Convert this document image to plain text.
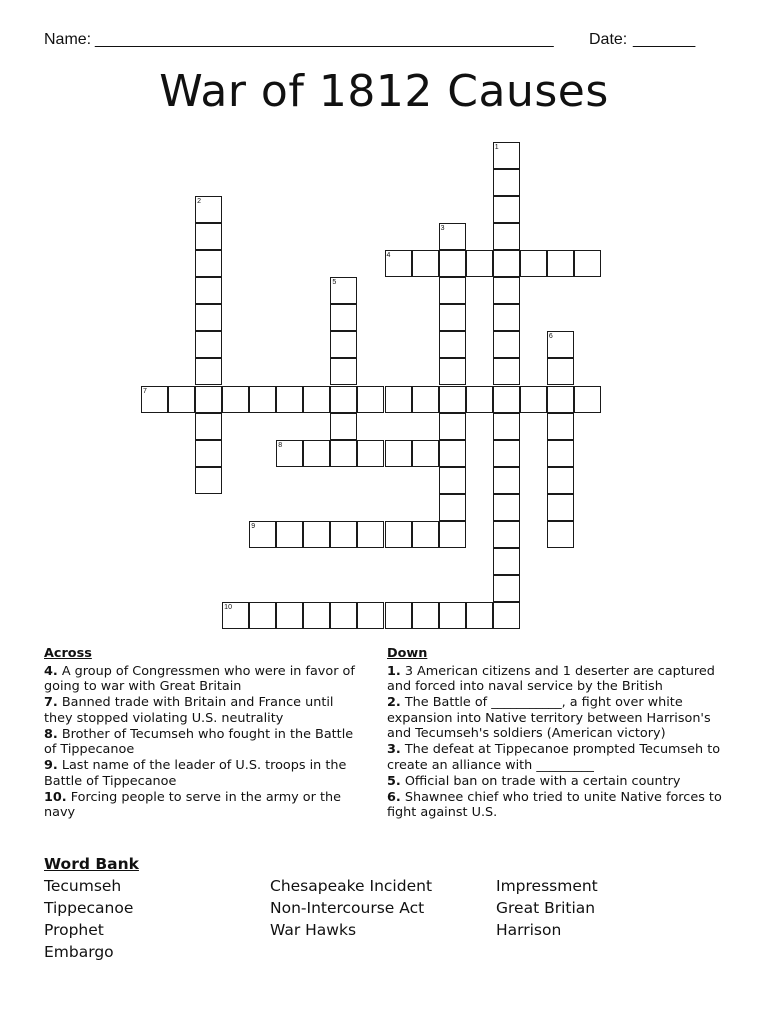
Name: _____________________________________________________ Date: _______
War of 1812 Causes
1
2
3
4
5
6
7
8
9
10
Across
4. A group of Congressmen who were in favor of going to war with Great Britain
7. Banned trade with Britain and France until they stopped violating U.S. neutrality
8. Brother of Tecumseh who fought in the Battle of Tippecanoe
9. Last name of the leader of U.S. troops in the Battle of Tippecanoe
10. Forcing people to serve in the army or the navy
Down
1. 3 American citizens and 1 deserter are captured and forced into naval service by the British
2. The Battle of ___________, a fight over white expansion into Native territory between Harrison's and Tecumseh's soldiers (American victory)
3. The defeat at Tippecanoe prompted Tecumseh to create an alliance with _________
5. Official ban on trade with a certain country
6. Shawnee chief who tried to unite Native forces to fight against U.S.
Word Bank
Tecumseh
Tippecanoe
Prophet
Embargo
Chesapeake Incident
Non-Intercourse Act
War Hawks
Impressment
Great Britian
Harrison
